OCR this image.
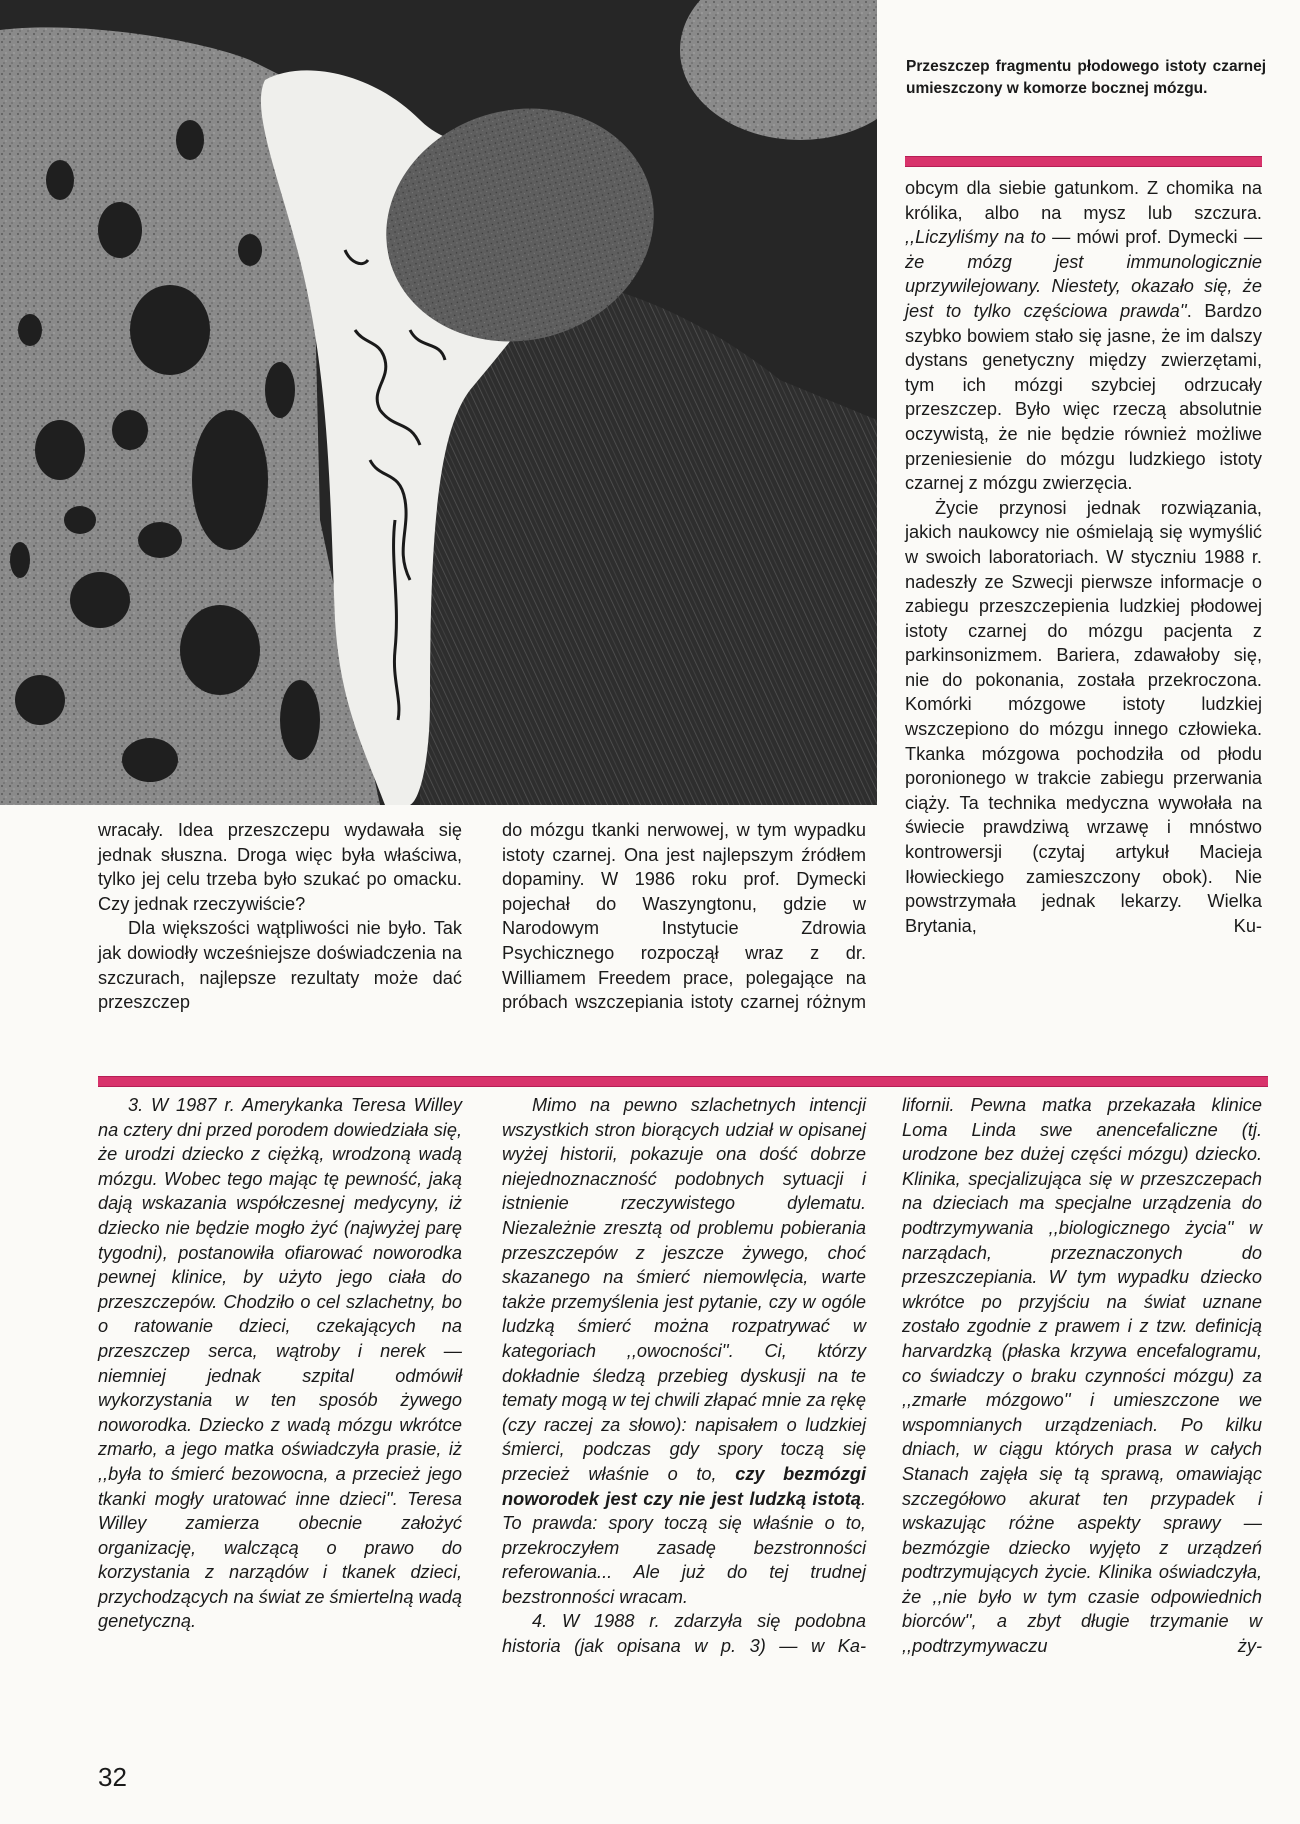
Przeszczep fragmentu płodowego istoty czarnej umieszczony w komorze bocznej mózgu.

wracały. Idea przeszczepu wydawała się jednak słuszna. Droga więc była właściwa, tylko jej celu trzeba było szukać po omacku. Czy jednak rzeczywiście?

Dla większości wątpliwości nie było. Tak jak dowiodły wcześniejsze doświadczenia na szczurach, najlepsze rezultaty może dać przeszczep

do mózgu tkanki nerwowej, w tym wypadku istoty czarnej. Ona jest najlepszym źródłem dopaminy. W 1986 roku prof. Dymecki pojechał do Waszyngtonu, gdzie w Narodowym Instytucie Zdrowia Psychicznego rozpoczął wraz z dr. Williamem Freedem prace, polegające na próbach wszczepiania istoty czarnej różnym

obcym dla siebie gatunkom. Z chomika na królika, albo na mysz lub szczura. ,,Liczyliśmy na to — mówi prof. Dymecki — że mózg jest immunologicznie uprzywilejowany. Niestety, okazało się, że jest to tylko częściowa prawda''. Bardzo szybko bowiem stało się jasne, że im dalszy dystans genetyczny między zwierzętami, tym ich mózgi szybciej odrzucały przeszczep. Było więc rzeczą absolutnie oczywistą, że nie będzie również możliwe przeniesienie do mózgu ludzkiego istoty czarnej z mózgu zwierzęcia.

Życie przynosi jednak rozwiązania, jakich naukowcy nie ośmielają się wymyślić w swoich laboratoriach. W styczniu 1988 r. nadeszły ze Szwecji pierwsze informacje o zabiegu przeszczepienia ludzkiej płodowej istoty czarnej do mózgu pacjenta z parkinsonizmem. Bariera, zdawałoby się, nie do pokonania, została przekroczona. Komórki mózgowe istoty ludzkiej wszczepiono do mózgu innego człowieka. Tkanka mózgowa pochodziła od płodu poronionego w trakcie zabiegu przerwania ciąży. Ta technika medyczna wywołała na świecie prawdziwą wrzawę i mnóstwo kontrowersji (czytaj artykuł Macieja Iłowieckiego zamieszczony obok). Nie powstrzymała jednak lekarzy. Wielka Brytania, Ku-

3. W 1987 r. Amerykanka Teresa Willey na cztery dni przed porodem dowiedziała się, że urodzi dziecko z ciężką, wrodzoną wadą mózgu. Wobec tego mając tę pewność, jaką dają wskazania współczesnej medycyny, iż dziecko nie będzie mogło żyć (najwyżej parę tygodni), postanowiła ofiarować noworodka pewnej klinice, by użyto jego ciała do przeszczepów. Chodziło o cel szlachetny, bo o ratowanie dzieci, czekających na przeszczep serca, wątroby i nerek — niemniej jednak szpital odmówił wykorzystania w ten sposób żywego noworodka. Dziecko z wadą mózgu wkrótce zmarło, a jego matka oświadczyła prasie, iż ,,była to śmierć bezowocna, a przecież jego tkanki mogły uratować inne dzieci''. Teresa Willey zamierza obecnie założyć organizację, walczącą o prawo do korzystania z narządów i tkanek dzieci, przychodzących na świat ze śmiertelną wadą genetyczną.

Mimo na pewno szlachetnych intencji wszystkich stron biorących udział w opisanej wyżej historii, pokazuje ona dość dobrze niejednoznaczność podobnych sytuacji i istnienie rzeczywistego dylematu. Niezależnie zresztą od problemu pobierania przeszczepów z jeszcze żywego, choć skazanego na śmierć niemowlęcia, warte także przemyślenia jest pytanie, czy w ogóle ludzką śmierć można rozpatrywać w kategoriach ,,owocności''. Ci, którzy dokładnie śledzą przebieg dyskusji na te tematy mogą w tej chwili złapać mnie za rękę (czy raczej za słowo): napisałem o ludzkiej śmierci, podczas gdy spory toczą się przecież właśnie o to, czy bezmózgi noworodek jest czy nie jest ludzką istotą. To prawda: spory toczą się właśnie o to, przekroczyłem zasadę bezstronności referowania... Ale już do tej trudnej bezstronności wracam.

4. W 1988 r. zdarzyła się podobna historia (jak opisana w p. 3) — w Ka-

lifornii. Pewna matka przekazała klinice Loma Linda swe anencefaliczne (tj. urodzone bez dużej części mózgu) dziecko. Klinika, specjalizująca się w przeszczepach na dzieciach ma specjalne urządzenia do podtrzymywania ,,biologicznego życia'' w narządach, przeznaczonych do przeszczepiania. W tym wypadku dziecko wkrótce po przyjściu na świat uznane zostało zgodnie z prawem i z tzw. definicją harvardzką (płaska krzywa encefalogramu, co świadczy o braku czynności mózgu) za ,,zmarłe mózgowo'' i umieszczone we wspomnianych urządzeniach. Po kilku dniach, w ciągu których prasa w całych Stanach zajęła się tą sprawą, omawiając szczegółowo akurat ten przypadek i wskazując różne aspekty sprawy — bezmózgie dziecko wyjęto z urządzeń podtrzymujących życie. Klinika oświadczyła, że ,,nie było w tym czasie odpowiednich biorców'', a zbyt długie trzymanie w ,,podtrzymywaczu ży-

32
